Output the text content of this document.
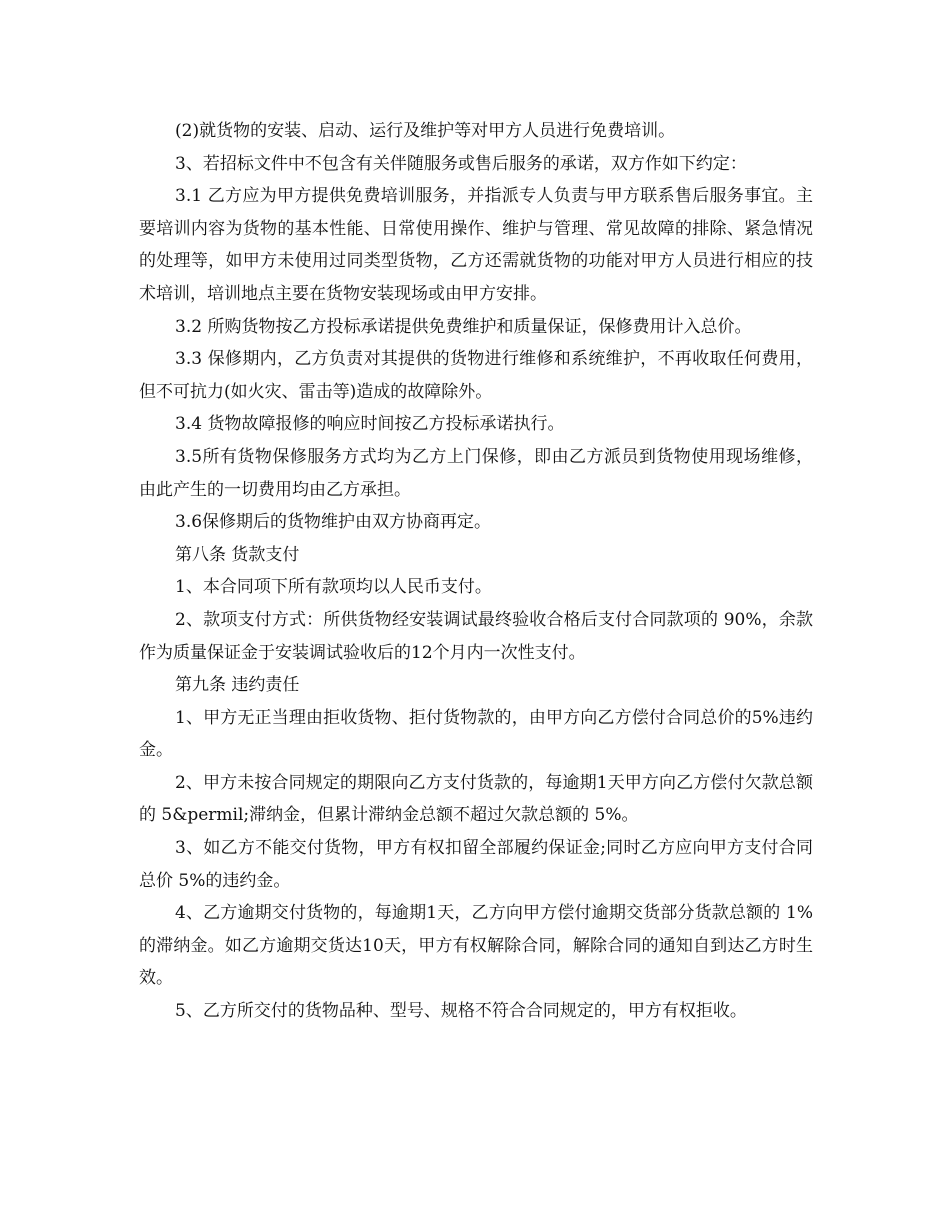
(2)就货物的安装、启动、运行及维护等对甲方人员进行免费培训。

3、若招标文件中不包含有关伴随服务或售后服务的承诺，双方作如下约定：

3.1 乙方应为甲方提供免费培训服务，并指派专人负责与甲方联系售后服务事宜。主要培训内容为货物的基本性能、日常使用操作、维护与管理、常见故障的排除、紧急情况的处理等，如甲方未使用过同类型货物，乙方还需就货物的功能对甲方人员进行相应的技术培训，培训地点主要在货物安装现场或由甲方安排。

3.2 所购货物按乙方投标承诺提供免费维护和质量保证，保修费用计入总价。

3.3 保修期内，乙方负责对其提供的货物进行维修和系统维护，不再收取任何费用，但不可抗力(如火灾、雷击等)造成的故障除外。

3.4 货物故障报修的响应时间按乙方投标承诺执行。

3.5所有货物保修服务方式均为乙方上门保修，即由乙方派员到货物使用现场维修，由此产生的一切费用均由乙方承担。

3.6保修期后的货物维护由双方协商再定。

第八条 货款支付

1、本合同项下所有款项均以人民币支付。

2、款项支付方式：所供货物经安装调试最终验收合格后支付合同款项的 90%，余款作为质量保证金于安装调试验收后的12个月内一次性支付。

第九条 违约责任

1、甲方无正当理由拒收货物、拒付货物款的，由甲方向乙方偿付合同总价的5%违约金。

2、甲方未按合同规定的期限向乙方支付货款的，每逾期1天甲方向乙方偿付欠款总额的 5&permil;滞纳金，但累计滞纳金总额不超过欠款总额的 5%。

3、如乙方不能交付货物，甲方有权扣留全部履约保证金;同时乙方应向甲方支付合同总价 5%的违约金。

4、乙方逾期交付货物的，每逾期1天，乙方向甲方偿付逾期交货部分货款总额的 1%的滞纳金。如乙方逾期交货达10天，甲方有权解除合同，解除合同的通知自到达乙方时生效。

5、乙方所交付的货物品种、型号、规格不符合合同规定的，甲方有权拒收。
